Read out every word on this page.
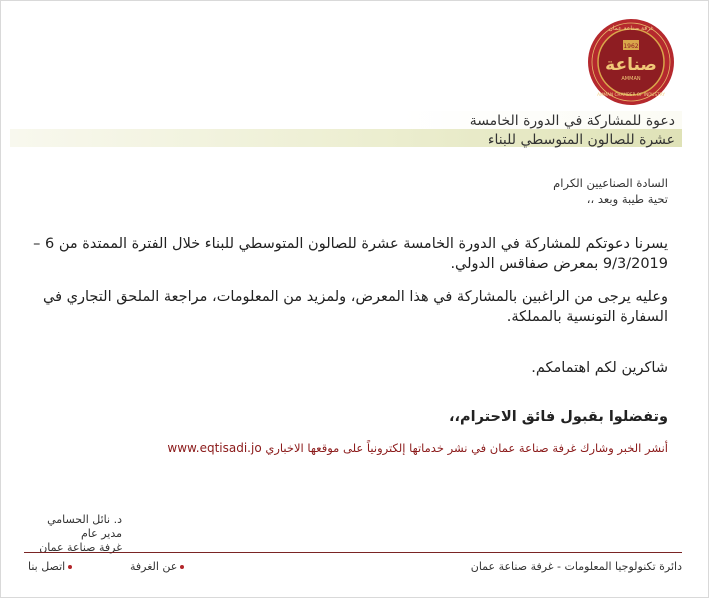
غرفة صناعة عمان
1962
صناعة
AMMAN
AMMAN CHAMBER OF INDUSTRY
دعوة للمشاركة في الدورة الخامسة
عشرة للصالون المتوسطي للبناء
السادة الصناعيين الكرام
تحية طيبة وبعد ،،
يسرنا دعوتكم للمشاركة في الدورة الخامسة عشرة للصالون المتوسطي للبناء خلال الفترة الممتدة من 6 – 9/3/2019 بمعرض صفاقس الدولي.
وعليه يرجى من الراغبين بالمشاركة في هذا المعرض، ولمزيد من المعلومات، مراجعة الملحق التجاري في السفارة التونسية بالمملكة.
شاكرين لكم اهتمامكم.
وتفضلوا بقبول فائق الاحترام،،
أنشر الخبر وشارك غرفة صناعة عمان في نشر خدماتها إلكترونياً على موقعها الاخباري www.eqtisadi.jo
د. نائل الحسامي
مدير عام
غرفة صناعة عمان
دائرة تكنولوجيا المعلومات - غرفة صناعة عمان
عن الغرفة
اتصل بنا
